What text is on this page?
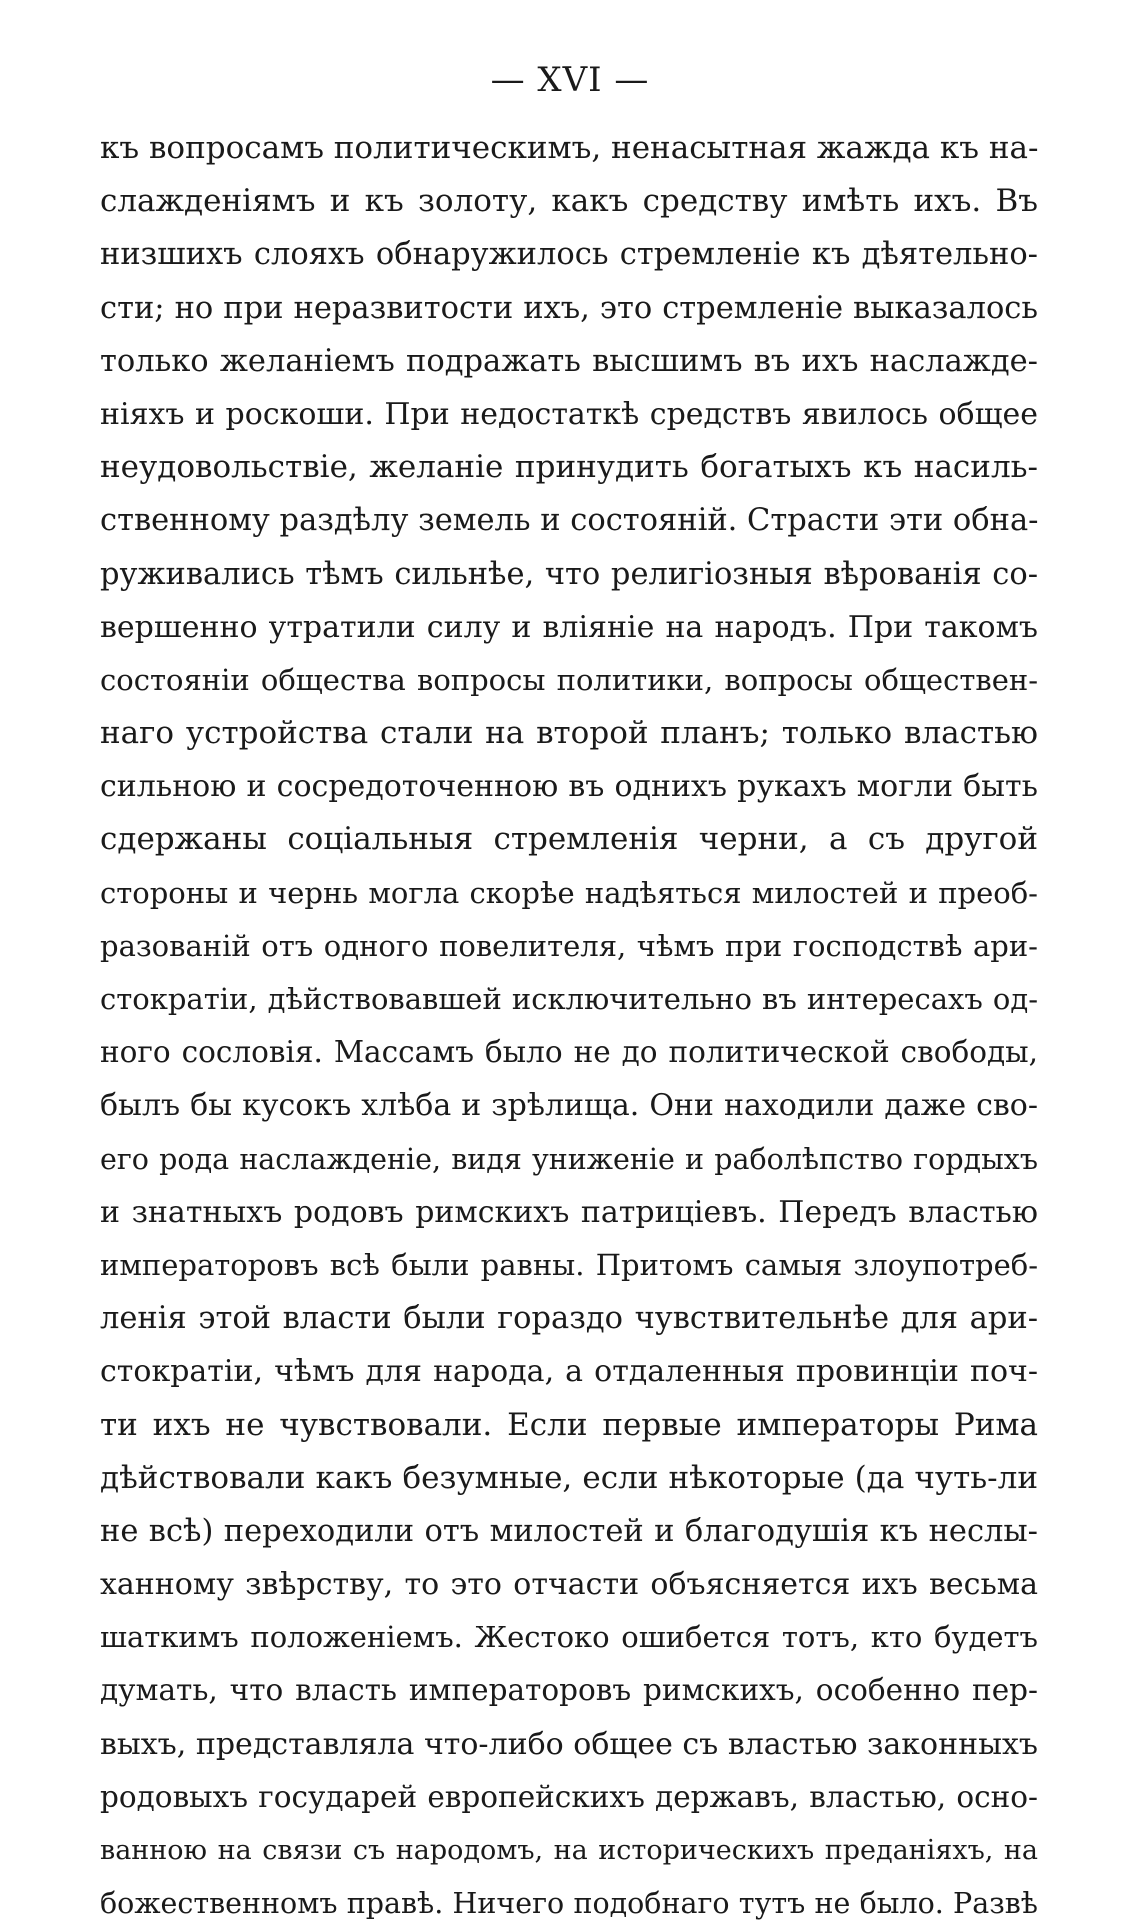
— XVI —
къ вопросамъ политическимъ, ненасытная жажда къ на-
слажденіямъ и къ золоту, какъ средству имѣть ихъ. Въ
низшихъ слояхъ обнаружилось стремленіе къ дѣятельно-
сти; но при неразвитости ихъ, это стремленіе выказалось
только желаніемъ подражать высшимъ въ ихъ наслажде-
ніяхъ и роскоши. При недостаткѣ средствъ явилось общее
неудовольствіе, желаніе принудить богатыхъ къ насиль-
ственному раздѣлу земель и состояній. Страсти эти обна-
руживались тѣмъ сильнѣе, что религіозныя вѣрованія со-
вершенно утратили силу и вліяніе на народъ. При такомъ
состояніи общества вопросы политики, вопросы обществен-
наго устройства стали на второй планъ; только властью
сильною и сосредоточенною въ однихъ рукахъ могли быть
сдержаны соціальныя стремленія черни, а съ другой
стороны и чернь могла скорѣе надѣяться милостей и преоб-
разованій отъ одного повелителя, чѣмъ при господствѣ ари-
стократіи, дѣйствовавшей исключительно въ интересахъ од-
ного сословія. Массамъ было не до политической свободы,
былъ бы кусокъ хлѣба и зрѣлища. Они находили даже сво-
его рода наслажденіе, видя униженіе и раболѣпство гордыхъ
и знатныхъ родовъ римскихъ патриціевъ. Передъ властью
императоровъ всѣ были равны. Притомъ самыя злоупотреб-
ленія этой власти были гораздо чувствительнѣе для ари-
стократіи, чѣмъ для народа, а отдаленныя провинціи поч-
ти ихъ не чувствовали. Если первые императоры Рима
дѣйствовали какъ безумные, если нѣкоторые (да чуть-ли
не всѣ) переходили отъ милостей и благодушія къ неслы-
ханному звѣрству, то это отчасти объясняется ихъ весьма
шаткимъ положеніемъ. Жестоко ошибется тотъ, кто будетъ
думать, что власть императоровъ римскихъ, особенно пер-
выхъ, представляла что-либо общее съ властью законныхъ
родовыхъ государей европейскихъ державъ, властью, осно-
ванною на связи съ народомъ, на историческихъ преданіяхъ, на
божественномъ правѣ. Ничего подобнаго тутъ не было. Развѣ
